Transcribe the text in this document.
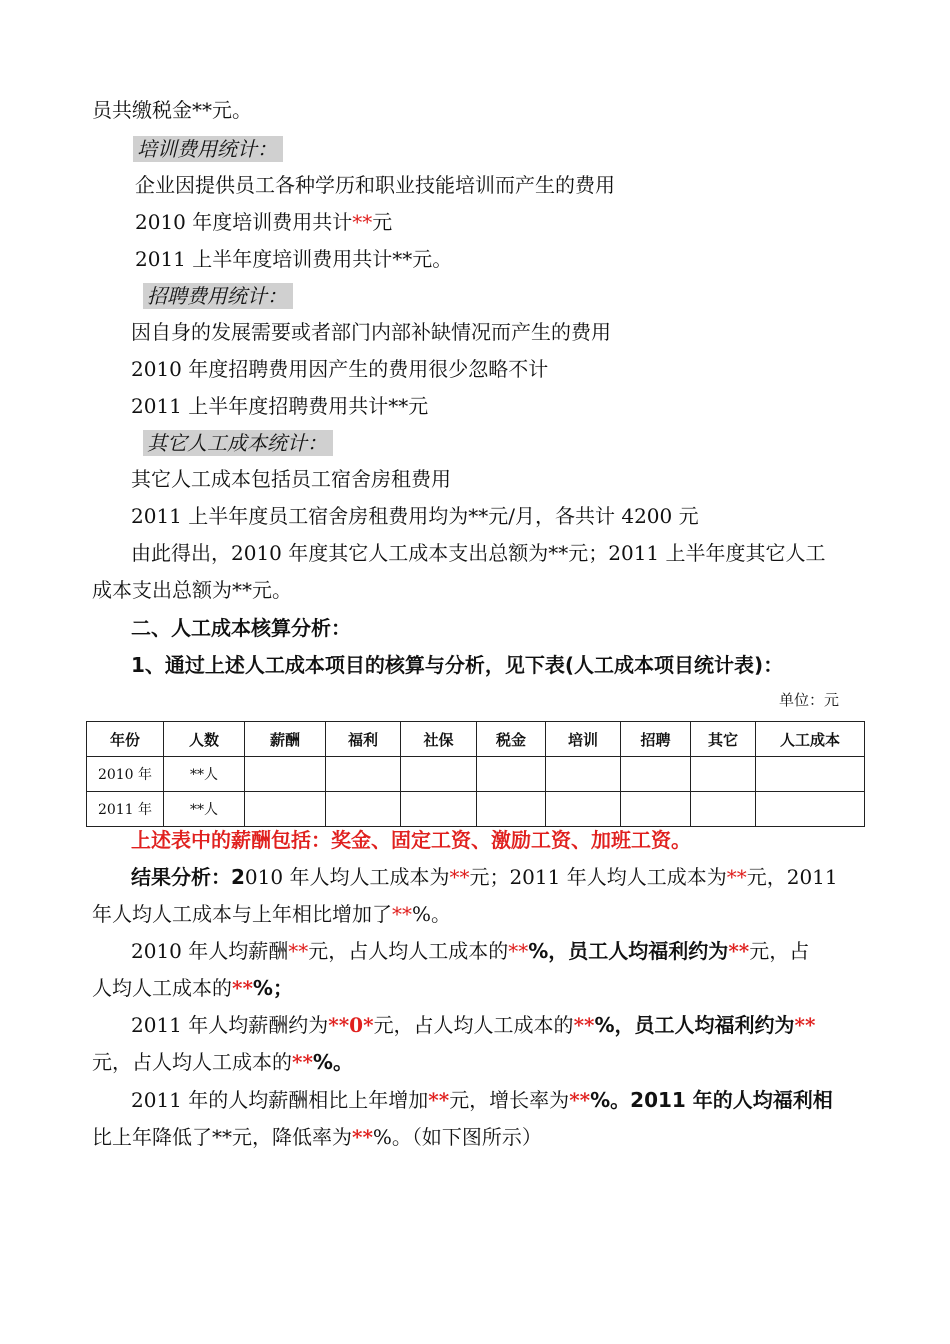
员共缴税金**元。
培训费用统计：
企业因提供员工各种学历和职业技能培训而产生的费用
2010 年度培训费用共计**元
2011 上半年度培训费用共计**元。
招聘费用统计：
因自身的发展需要或者部门内部补缺情况而产生的费用
2010 年度招聘费用因产生的费用很少忽略不计
2011 上半年度招聘费用共计**元
其它人工成本统计：
其它人工成本包括员工宿舍房租费用
2011 上半年度员工宿舍房租费用均为**元/月，各共计 4200 元
由此得出，2010 年度其它人工成本支出总额为**元；2011 上半年度其它人工
成本支出总额为**元。
二、人工成本核算分析：
1、通过上述人工成本项目的核算与分析，见下表(人工成本项目统计表)：
单位：元
年份	人数	薪酬	福利	社保	税金	培训	招聘	其它	人工成本
2010 年	**人								
2011 年	**人								
上述表中的薪酬包括：奖金、固定工资、激励工资、加班工资。
结果分析：2010 年人均人工成本为**元；2011 年人均人工成本为**元，2011
年人均人工成本与上年相比增加了**%。
2010 年人均薪酬**元，占人均人工成本的**%，员工人均福利约为**元，占
人均人工成本的**%；
2011 年人均薪酬约为**0*元，占人均人工成本的**%，员工人均福利约为**
元，占人均人工成本的**%。
2011 年的人均薪酬相比上年增加**元，增长率为**%。2011 年的人均福利相
比上年降低了**元，降低率为**%。（如下图所示）
